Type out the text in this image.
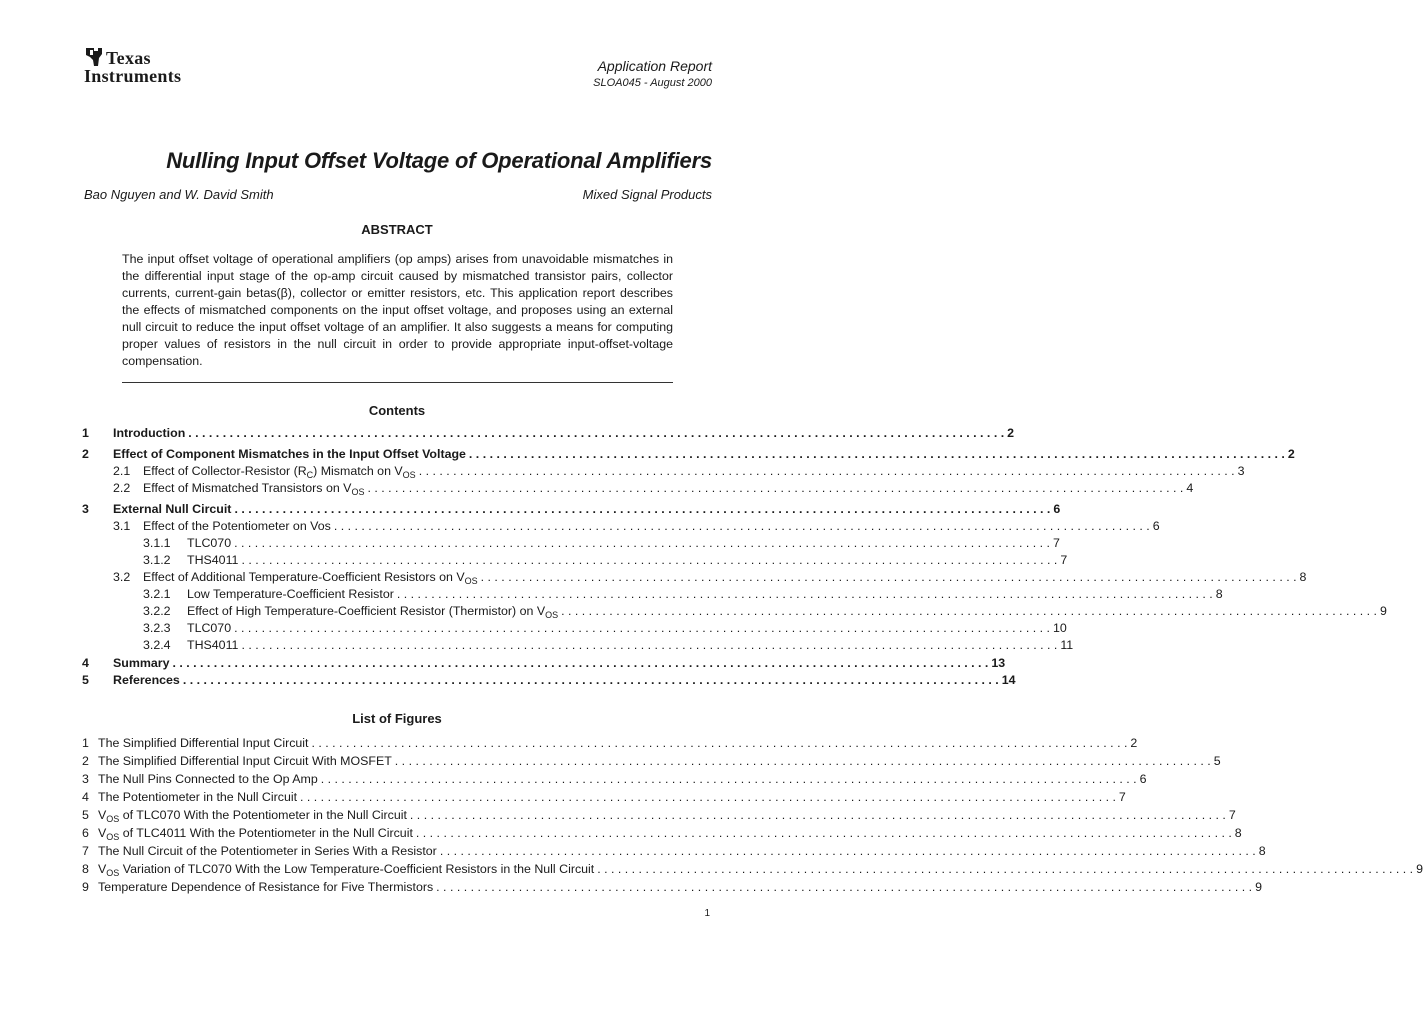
Texas
Instruments	Application Report
SLOA045 - August 2000
Nulling Input Offset Voltage of Operational Amplifiers
Bao Nguyen and W. David Smith	Mixed Signal Products
ABSTRACT
The input offset voltage of operational amplifiers (op amps) arises from unavoidable mismatches in the differential input stage of the op-amp circuit caused by mismatched transistor pairs, collector currents, current-gain betas(β), collector or emitter resistors, etc. This application report describes the effects of mismatched components on the input offset voltage, and proposes using an external null circuit to reduce the input offset voltage of an amplifier. It also suggests a means for computing proper values of resistors in the null circuit in order to provide appropriate input-offset-voltage compensation.
Contents
1 Introduction . . .	2
2 Effect of Component Mismatches in the Input Offset Voltage . . .	2
2.1 Effect of Collector-Resistor $(R_C)$ Mismatch on $V_{OS}$ . . .	3
2.2 Effect of Mismatched Transistors on $V_{OS}$ . . .	4
3 External Null Circuit . . .	6
3.1 Effect of the Potentiometer on Vos . . .	6
3.1.1 TLC070 . . .	7
3.1.2 THS4011 . . .	7
3.2 Effect of Additional Temperature-Coefficient Resistors on $V_{OS}$ . . .	8
3.2.1 Low Temperature-Coefficient Resistor . . .	8
3.2.2 Effect of High Temperature-Coefficient Resistor (Thermistor) on $V_{OS}$ . . .	9
3.2.3 TLC070 . . .	10
3.2.4 THS4011 . . .	11
4 Summary . . .	13
5 References . . .	14
List of Figures
1 The Simplified Differential Input Circuit . . .	2
2 The Simplified Differential Input Circuit With MOSFET . . .	5
3 The Null Pins Connected to the Op Amp . . .	6
4 The Potentiometer in the Null Circuit . . .	7
5 $V_{OS}$ of TLC070 With the Potentiometer in the Null Circuit . . .	7
6 $V_{OS}$ of TLC4011 With the Potentiometer in the Null Circuit . . .	8
7 The Null Circuit of the Potentiometer in Series With a Resistor . . .	8
8 $V_{OS}$ Variation of TLC070 With the Low Temperature-Coefficient Resistors in the Null Circuit . . .	9
9 Temperature Dependence of Resistance for Five Thermistors . . .	9
1
